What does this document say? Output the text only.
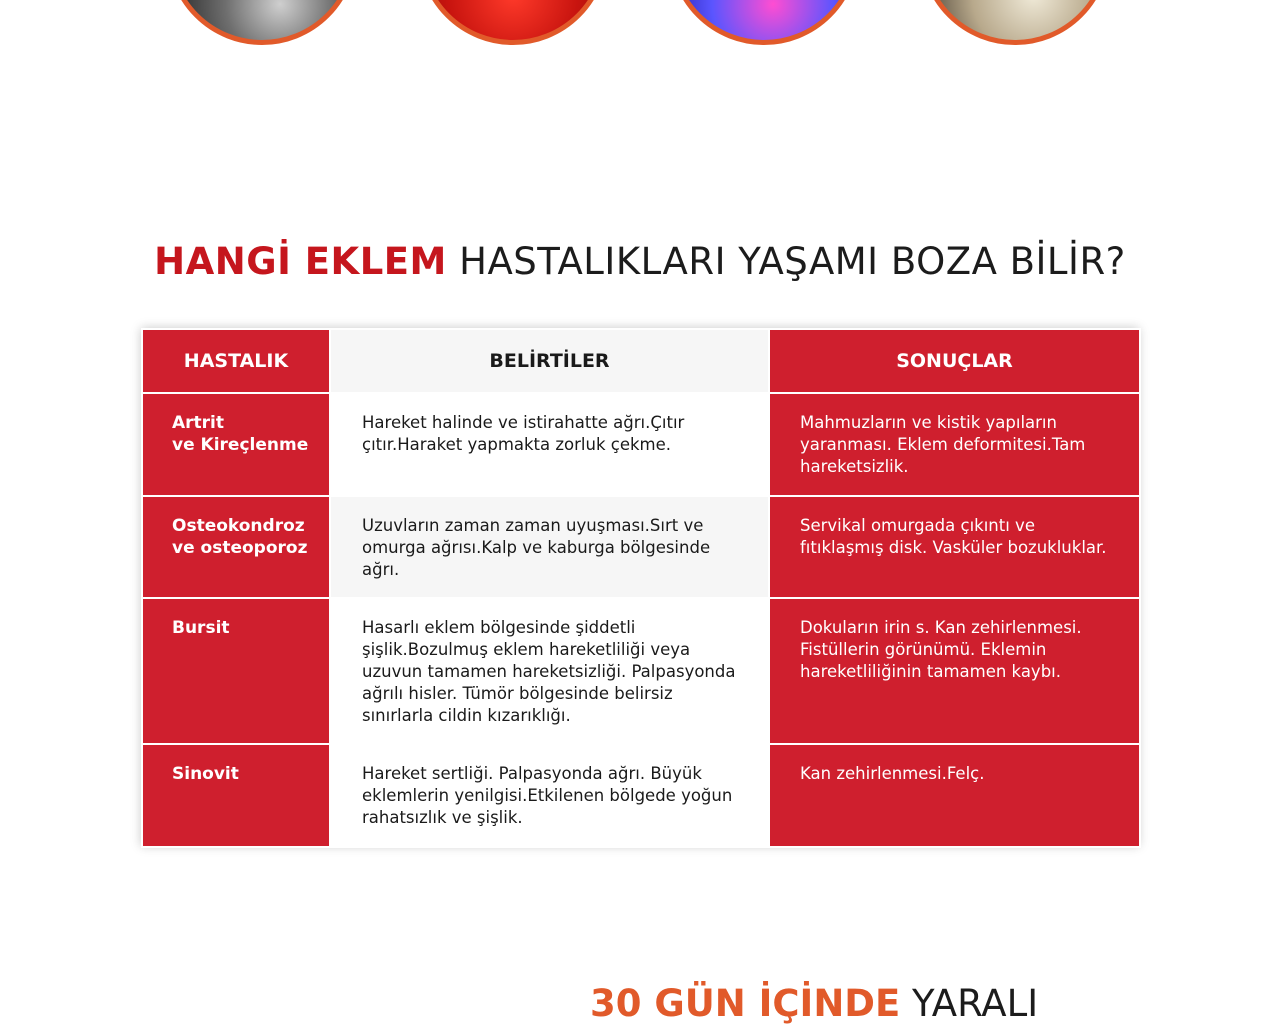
HANGİ EKLEM HASTALIKLARI YAŞAMI BOZA BİLİR?
HASTALIK	BELİRTİLER	SONUÇLAR

Artrit
ve Kireçlenme	Hareket halinde ve istirahatte ağrı.Çıtır çıtır.Haraket yapmakta zorluk çekme.	Mahmuzların ve kistik yapıların yaranması. Eklem deformitesi.Tam hareketsizlik.

Osteokondroz
ve osteoporoz	Uzuvların zaman zaman uyuşması.Sırt ve omurga ağrısı.Kalp ve kaburga bölgesinde ağrı.	Servikal omurgada çıkıntı ve fıtıklaşmış disk. Vasküler bozukluklar.

Bursit	Hasarlı eklem bölgesinde şiddetli şişlik.Bozulmuş eklem hareketliliği veya uzuvun tamamen hareketsizliği. Palpasyonda ağrılı hisler. Tümör bölgesinde belirsiz sınırlarla cildin kızarıklığı.	Dokuların irin s. Kan zehirlenmesi. Fistüllerin görünümü. Eklemin hareketliliğinin tamamen kaybı.

Sinovit	Hareket sertliği. Palpasyonda ağrı. Büyük eklemlerin yenilgisi.Etkilenen bölgede yoğun rahatsızlık ve şişlik.	Kan zehirlenmesi.Felç.
30 GÜN İÇİNDE YARALI
